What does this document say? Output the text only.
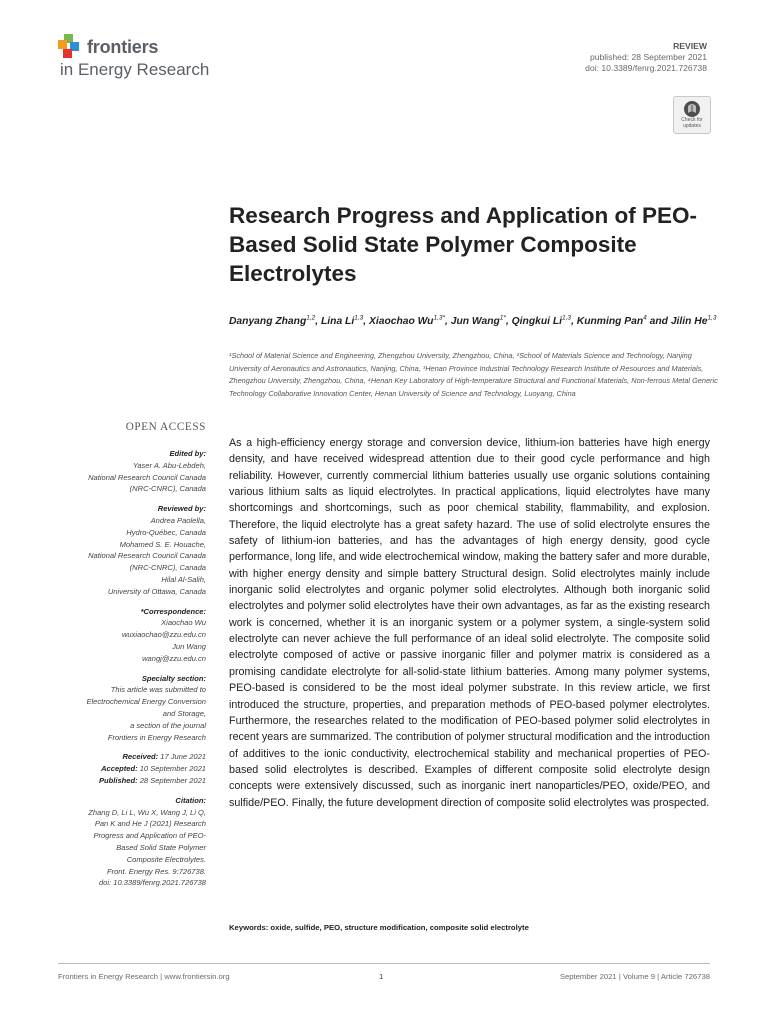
frontiers
in Energy Research
REVIEW
published: 28 September 2021
doi: 10.3389/fenrg.2021.726738
Check for updates
Research Progress and Application of PEO-Based Solid State Polymer Composite Electrolytes
Danyang Zhang$^{1,2}$, Lina Li$^{1,3}$, Xiaochao $Wu^{1,3*}$, Jun Wang$^{1*}$, Qingkui Li$^{1,3}$, Kunming Pan$^4$ and Jilin He$^{1,3}$
¹School of Material Science and Engineering, Zhengzhou University, Zhengzhou, China, ²School of Materials Science and Technology, Nanjing University of Aeronautics and Astronautics, Nanjing, China, ³Henan Province Industrial Technology Research Institute of Resources and Materials, Zhengzhou University, Zhengzhou, China, ⁴Henan Key Laboratory of High-temperature Structural and Functional Materials, Non-ferrous Metal Generic Technology Collaborative Innovation Center, Henan University of Science and Technology, Luoyang, China
OPEN ACCESS
Edited by:
Yaser A. Abu-Lebdeh,
National Research Council Canada
(NRC-CNRC), Canada
Reviewed by:
Andrea Paolella,
Hydro-Québec, Canada
Mohamed S. E. Houache,
National Research Council Canada
(NRC-CNRC), Canada
Hilal Al-Salih,
University of Ottawa, Canada
*Correspondence:
Xiaochao Wu
wuxiaochao@zzu.edu.cn
Jun Wang
wangj@zzu.edu.cn
Specialty section:
This article was submitted to
Electrochemical Energy Conversion
and Storage,
a section of the journal
Frontiers in Energy Research
Received: 17 June 2021
Accepted: 10 September 2021
Published: 28 September 2021
Citation:
Zhang D, Li L, Wu X, Wang J, Li Q,
Pan K and He J (2021) Research
Progress and Application of PEO-
Based Solid State Polymer
Composite Electrolytes.
Front. Energy Res. 9:726738.
doi: 10.3389/fenrg.2021.726738

As a high-efficiency energy storage and conversion device, lithium-ion batteries have high energy density, and have received widespread attention due to their good cycle performance and high reliability. However, currently commercial lithium batteries usually use organic solutions containing various lithium salts as liquid electrolytes. In practical applications, liquid electrolytes have many shortcomings and shortcomings, such as poor chemical stability, flammability, and explosion. Therefore, the liquid electrolyte has a great safety hazard. The use of solid electrolyte ensures the safety of lithium-ion batteries, and has the advantages of high energy density, good cycle performance, long life, and wide electrochemical window, making the battery safer and more durable, with higher energy density and simple battery Structural design. Solid electrolytes mainly include inorganic solid electrolytes and organic polymer solid electrolytes. Although both inorganic solid electrolytes and polymer solid electrolytes have their own advantages, as far as the existing research work is concerned, whether it is an inorganic system or a polymer system, a single-system solid electrolyte can never achieve the full performance of an ideal solid electrolyte. The composite solid electrolyte composed of active or passive inorganic filler and polymer matrix is considered as a promising candidate electrolyte for all-solid-state lithium batteries. Among many polymer systems, PEO-based is considered to be the most ideal polymer substrate. In this review article, we first introduced the structure, properties, and preparation methods of PEO-based polymer electrolytes. Furthermore, the researches related to the modification of PEO-based polymer solid electrolytes in recent years are summarized. The contribution of polymer structural modification and the introduction of additives to the ionic conductivity, electrochemical stability and mechanical properties of PEO-based solid electrolytes is described. Examples of different composite solid electrolyte design concepts were extensively discussed, such as inorganic inert nanoparticles/PEO, oxide/PEO, and sulfide/PEO. Finally, the future development direction of composite solid electrolytes was prospected.

Keywords: oxide, sulfide, PEO, structure modification, composite solid electrolyte
Frontiers in Energy Research | www.frontiersin.org	1	September 2021 | Volume 9 | Article 726738
